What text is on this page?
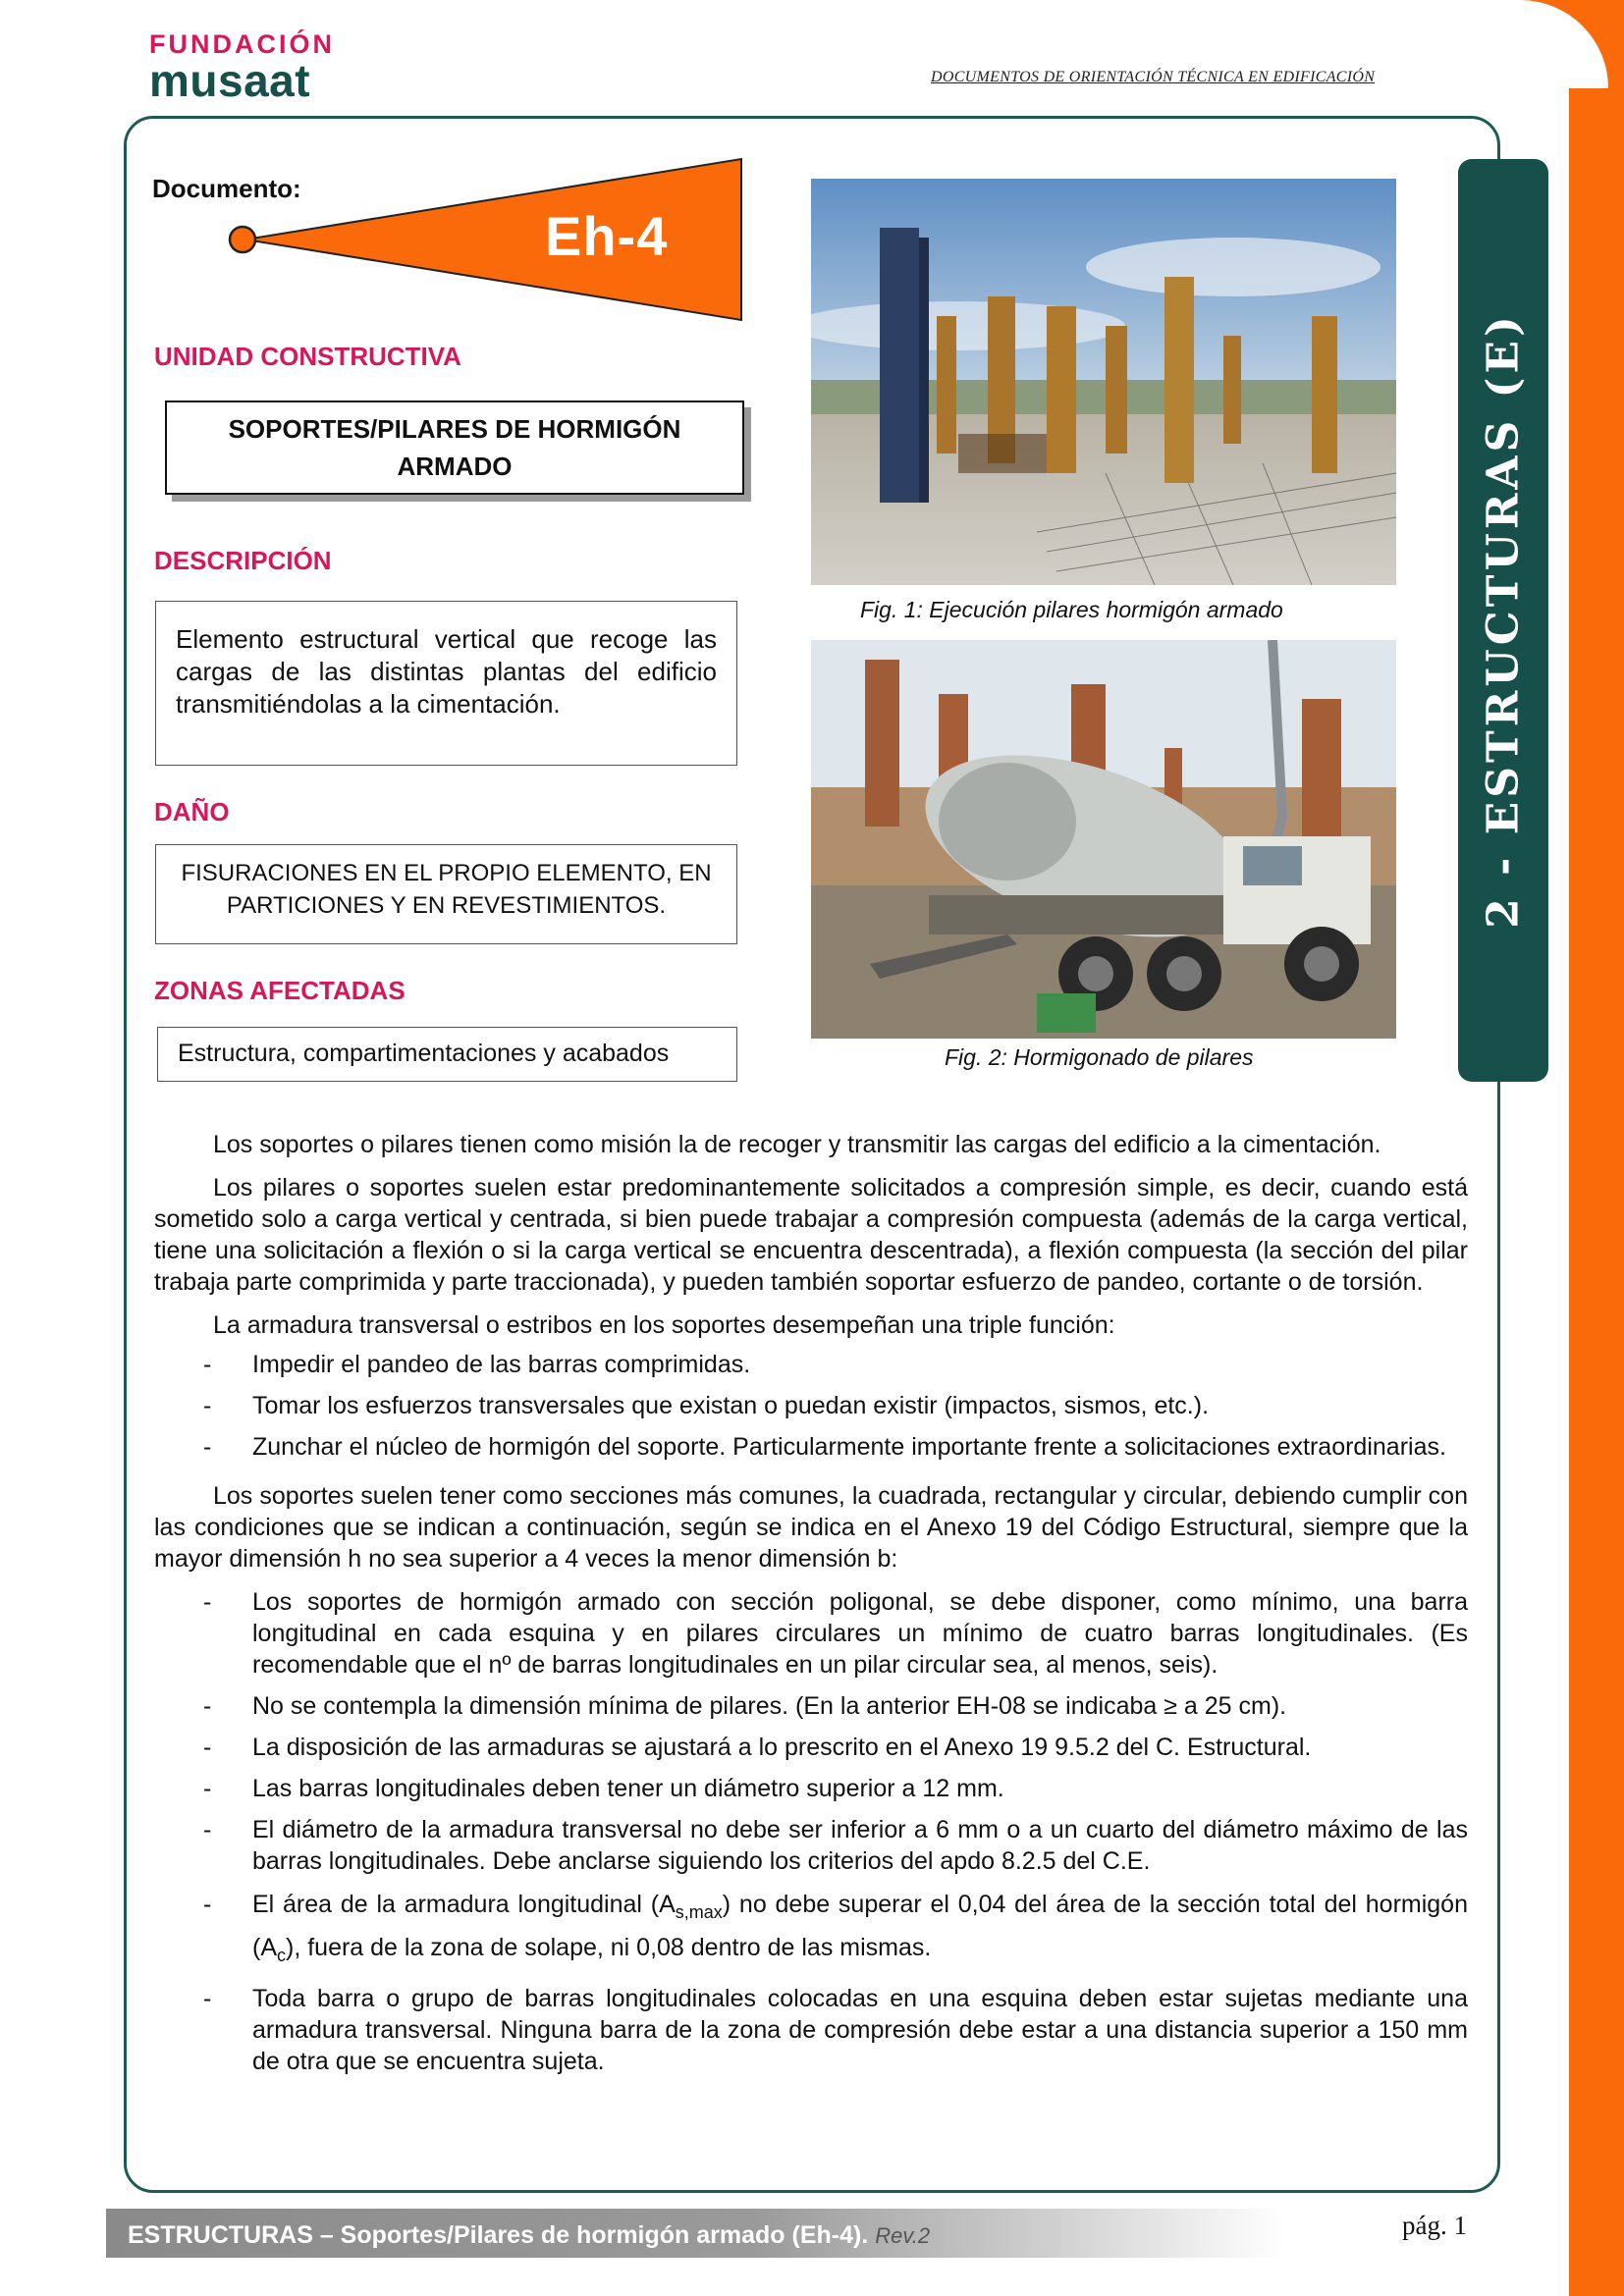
FUNDACIÓN
musaat	DOCUMENTOS DE ORIENTACIÓN TÉCNICA EN EDIFICACIÓN
2 - ESTRUCTURAS (E)
Documento:
Eh-4
UNIDAD CONSTRUCTIVA
SOPORTES/PILARES DE HORMIGÓN ARMADO
DESCRIPCIÓN
Elemento estructural vertical que recoge las cargas de las distintas plantas del edificio transmitiéndolas a la cimentación.
DAÑO
FISURACIONES EN EL PROPIO ELEMENTO, EN PARTICIONES Y EN REVESTIMIENTOS.
ZONAS AFECTADAS
Estructura, compartimentaciones y acabados
Fig. 1: Ejecución pilares hormigón armado
Fig. 2: Hormigonado de pilares

Los soportes o pilares tienen como misión la de recoger y transmitir las cargas del edificio a la cimentación.

Los pilares o soportes suelen estar predominantemente solicitados a compresión simple, es decir, cuando está sometido solo a carga vertical y centrada, si bien puede trabajar a compresión compuesta (además de la carga vertical, tiene una solicitación a flexión o si la carga vertical se encuentra descentrada), a flexión compuesta (la sección del pilar trabaja parte comprimida y parte traccionada), y pueden también soportar esfuerzo de pandeo, cortante o de torsión.

La armadura transversal o estribos en los soportes desempeñan una triple función:

- Impedir el pandeo de las barras comprimidas.
- Tomar los esfuerzos transversales que existan o puedan existir (impactos, sismos, etc.).
- Zunchar el núcleo de hormigón del soporte. Particularmente importante frente a solicitaciones extraordinarias.

Los soportes suelen tener como secciones más comunes, la cuadrada, rectangular y circular, debiendo cumplir con las condiciones que se indican a continuación, según se indica en el Anexo 19 del Código Estructural, siempre que la mayor dimensión h no sea superior a 4 veces la menor dimensión b:

- Los soportes de hormigón armado con sección poligonal, se debe disponer, como mínimo, una barra longitudinal en cada esquina y en pilares circulares un mínimo de cuatro barras longitudinales. (Es recomendable que el nº de barras longitudinales en un pilar circular sea, al menos, seis).
- No se contempla la dimensión mínima de pilares. (En la anterior EH-08 se indicaba ≥ a 25 cm).
- La disposición de las armaduras se ajustará a lo prescrito en el Anexo 19 9.5.2 del C. Estructural.
- Las barras longitudinales deben tener un diámetro superior a 12 mm.
- El diámetro de la armadura transversal no debe ser inferior a 6 mm o a un cuarto del diámetro máximo de las barras longitudinales. Debe anclarse siguiendo los criterios del apdo 8.2.5 del C.E.
- El área de la armadura longitudinal $(A_{s,max})$ no debe superar el 0,04 del área de la sección total del hormigón $(A_c)$, fuera de la zona de solape, ni 0,08 dentro de las mismas.
- Toda barra o grupo de barras longitudinales colocadas en una esquina deben estar sujetas mediante una armadura transversal. Ninguna barra de la zona de compresión debe estar a una distancia superior a 150 mm de otra que se encuentra sujeta.
ESTRUCTURAS – Soportes/Pilares de hormigón armado (Eh-4). Rev.2	pág. 1
